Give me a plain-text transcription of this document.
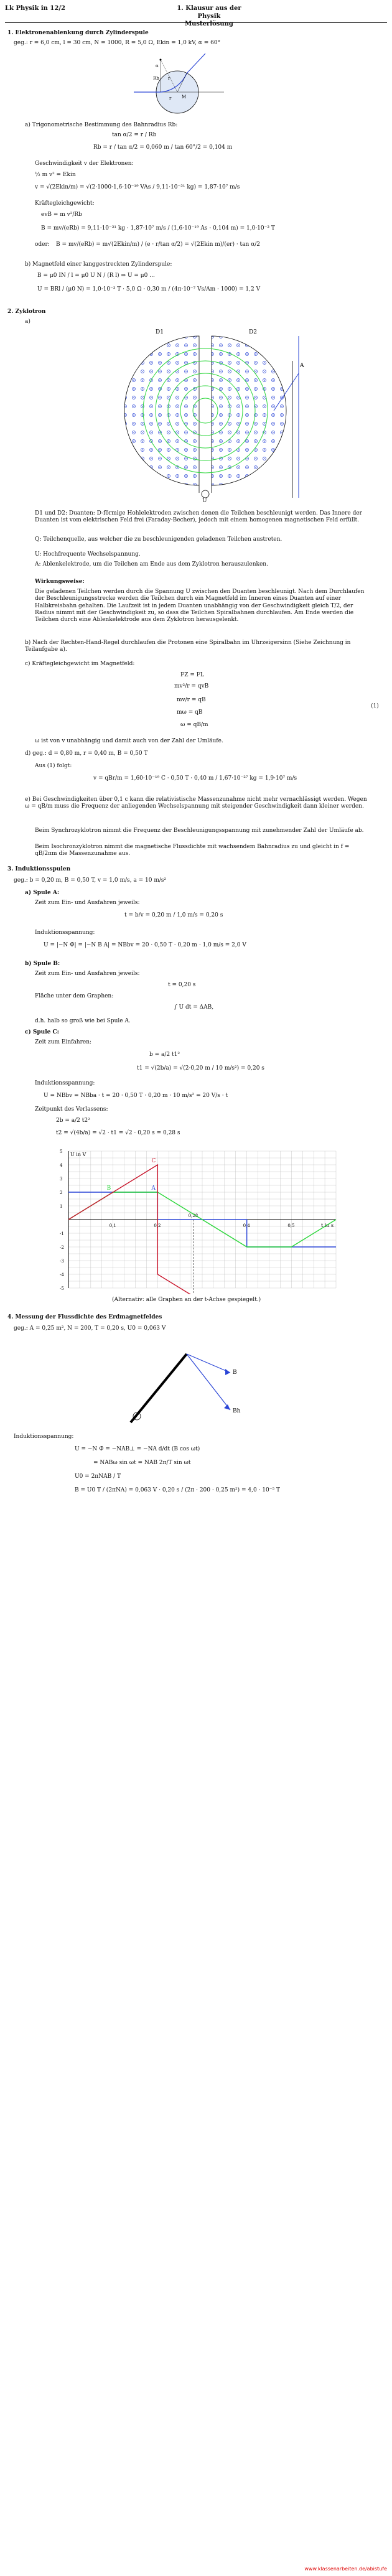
Lk Physik in 12/2	1. Klausur aus der Physik
Musterlösung
1. Elektronenablenkung durch Zylinderspule
geg.: r = 6,0 cm, l = 30 cm, N = 1000, R = 5,0 Ω, Ekin = 1,0 kV, α = 60°
r
M
α
Rb
r
a) Trigonometrische Bestimmung des Bahnradius Rb:
tan α/2 = r / Rb
Rb = r / tan α/2 = 0,060 m / tan 60°/2 = 0,104 m
Geschwindigkeit v der Elektronen:
½ m v² = Ekin
v = √(2Ekin/m) = √(2·1000·1,6·10⁻¹⁹ VAs / 9,11·10⁻³¹ kg) = 1,87·10⁷ m/s
Kräftegleichgewicht:
evB = m v²/Rb
B = mv/(eRb) = 9,11·10⁻³¹ kg · 1,87·10⁷ m/s / (1,6·10⁻¹⁹ As · 0,104 m) = 1,0·10⁻³ T
oder: B = mv/(eRb) = m√(2Ekin/m) / (e · r/tan α/2) = √(2Ekin m)/(er) · tan α/2
b) Magnetfeld einer langgestreckten Zylinderspule:
B = μ0 IN / l = μ0 U N / (R l) ⇒ U = μ0 ...
U = BRl / (μ0 N) = 1,0·10⁻³ T · 5,0 Ω · 0,30 m / (4π·10⁻⁷ Vs/Am · 1000) = 1,2 V
2. Zyklotron
a)
D1	D2
A
U
D1 und D2: Duanten: D-förmige Hohlelektroden zwischen denen die Teilchen beschleunigt werden. Das Innere der Duanten ist vom elektrischen Feld frei (Faraday-Becher), jedoch mit einem homogenen magnetischen Feld erfüllt.
Q: Teilchenquelle, aus welcher die zu beschleunigenden geladenen Teilchen austreten.
U: Hochfrequente Wechselspannung.
A: Ablenkelektrode, um die Teilchen am Ende aus dem Zyklotron herauszulenken.
Wirkungsweise:
Die geladenen Teilchen werden durch die Spannung U zwischen den Duanten beschleunigt. Nach dem Durchlaufen der Beschleunigungsstrecke werden die Teilchen durch ein Magnetfeld im Inneren eines Duanten auf einer Halbkreisbahn gehalten. Die Laufzeit ist in jedem Duanten unabhängig von der Geschwindigkeit gleich T/2, der Radius nimmt mit der Geschwindigkeit zu, so dass die Teilchen Spiralbahnen durchlaufen. Am Ende werden die Teilchen durch eine Ablenkelektrode aus dem Zyklotron herausgelenkt.
b) Nach der Rechten-Hand-Regel durchlaufen die Protonen eine Spiralbahn im Uhrzeigersinn (Siehe Zeichnung in Teilaufgabe a).
c) Kräftegleichgewicht im Magnetfeld:
FZ = FL
mv²/r = qvB
mv/r = qB
mω = qB
ω = qB/m
(1)
ω ist von v unabhängig und damit auch von der Zahl der Umläufe.
d) geg.: d = 0,80 m, r = 0,40 m, B = 0,50 T
Aus (1) folgt:
v = qBr/m = 1,60·10⁻¹⁹ C · 0,50 T · 0,40 m / 1,67·10⁻²⁷ kg = 1,9·10⁷ m/s
e) Bei Geschwindigkeiten über 0,1 c kann die relativistische Massenzunahme nicht mehr vernachlässigt werden. Wegen ω = qB/m muss die Frequenz der anliegenden Wechselspannung mit steigender Geschwindigkeit dann kleiner werden.
Beim Synchrozyklotron nimmt die Frequenz der Beschleunigungsspannung mit zunehmender Zahl der Umläufe ab.
Beim Isochronzyklotron nimmt die magnetische Flussdichte mit wachsendem Bahnradius zu und gleicht in f = qB/2πm die Massenzunahme aus.
3. Induktionsspulen
geg.: b = 0,20 m, B = 0,50 T, v = 1,0 m/s, a = 10 m/s²
a) Spule A:
Zeit zum Ein- und Ausfahren jeweils:
t = b/v = 0,20 m / 1,0 m/s = 0,20 s
Induktionsspannung:
U = |−N Φ̇| = |−N B A| = NBbv = 20 · 0,50 T · 0,20 m · 1,0 m/s = 2,0 V
b) Spule B:
Zeit zum Ein- und Ausfahren jeweils:
t = 0,20 s
Fläche unter dem Graphen:
∫ U dt = ΔAB,
d.h. halb so groß wie bei Spule A.
c) Spule C:
Zeit zum Einfahren:
b = a/2 t1²
t1 = √(2b/a) = √(2·0,20 m / 10 m/s²) = 0,20 s
Induktionsspannung:
U = NBbv = NBba · t = 20 · 0,50 T · 0,20 m · 10 m/s² = 20 V/s · t
Zeitpunkt des Verlassens:
2b = a/2 t2²
t2 = √(4b/a) = √2 · t1 = √2 · 0,20 s = 0,28 s
U in V
t in s
0,1	0,2	0,4	0,5
1
2
3
4
5
-1
-2
-3
-4
-5
0,28
A
B
C
(Alternativ: alle Graphen an der t-Achse gespiegelt.)
4. Messung der Flussdichte des Erdmagnetfeldes
geg.: A = 0,25 m², N = 200, T = 0,20 s, U0 = 0,063 V
B
Bh
Induktionsspannung:
U = −N Φ̇ = −NAB⊥ = −NA d/dt (B cos ωt)
= NABω sin ωt = NAB 2π/T sin ωt
U0 = 2πNAB / T
B = U0 T / (2πNA) = 0,063 V · 0,20 s / (2π · 200 · 0,25 m²) = 4,0 · 10⁻⁵ T
www.klassenarbeiten.de/abistufe
